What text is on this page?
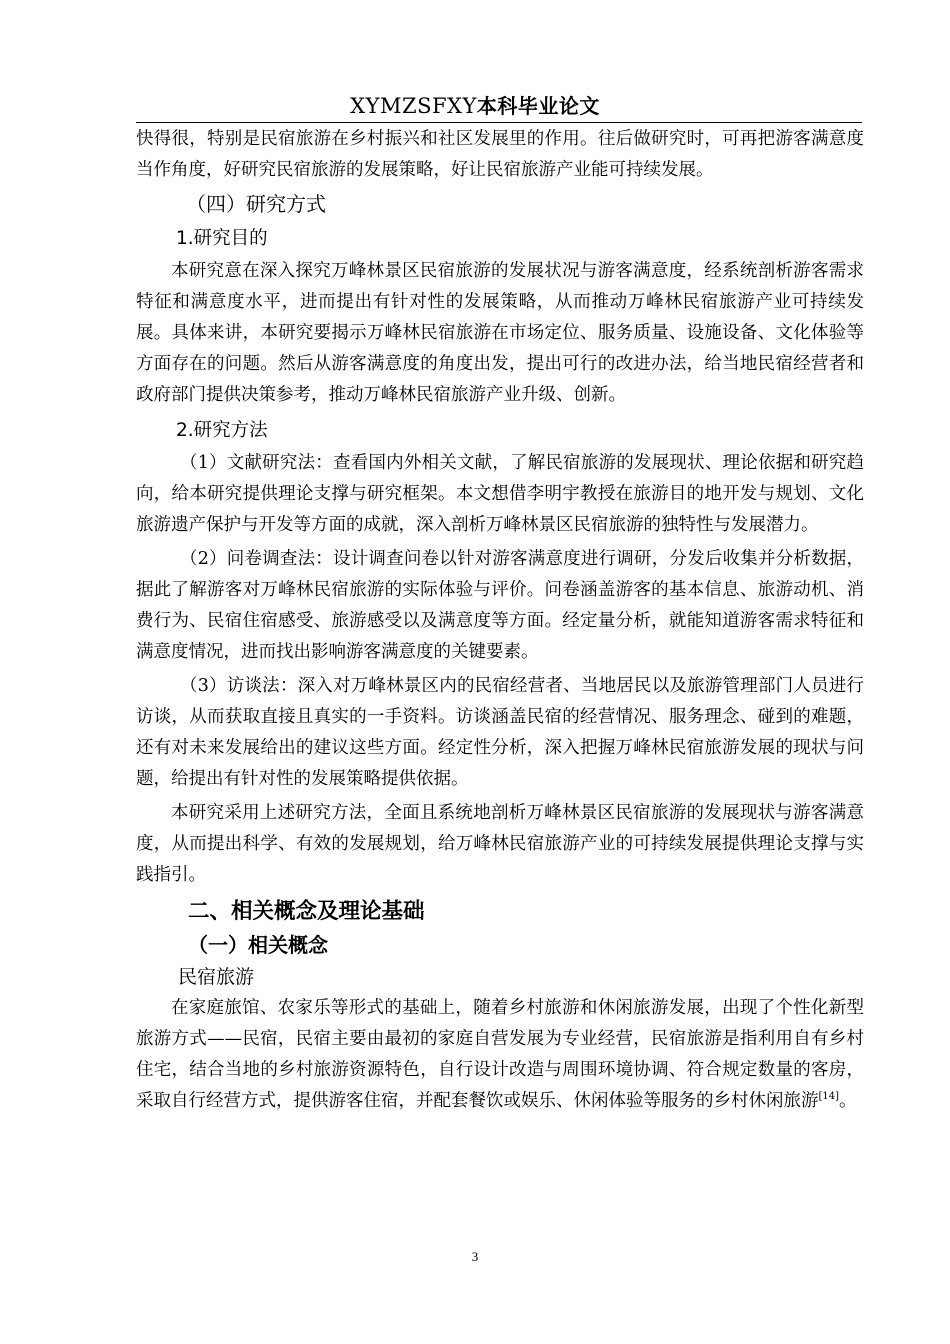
XYMZSFXY本科毕业论文

快得很，特别是民宿旅游在乡村振兴和社区发展里的作用。往后做研究时，可再把游客满意度当作角度，好研究民宿旅游的发展策略，好让民宿旅游产业能可持续发展。

（四）研究方式
1.研究目的

本研究意在深入探究万峰林景区民宿旅游的发展状况与游客满意度，经系统剖析游客需求特征和满意度水平，进而提出有针对性的发展策略，从而推动万峰林民宿旅游产业可持续发展。具体来讲，本研究要揭示万峰林民宿旅游在市场定位、服务质量、设施设备、文化体验等方面存在的问题。然后从游客满意度的角度出发，提出可行的改进办法，给当地民宿经营者和政府部门提供决策参考，推动万峰林民宿旅游产业升级、创新。

2.研究方法

（1）文献研究法：查看国内外相关文献，了解民宿旅游的发展现状、理论依据和研究趋向，给本研究提供理论支撑与研究框架。本文想借李明宇教授在旅游目的地开发与规划、文化旅游遗产保护与开发等方面的成就，深入剖析万峰林景区民宿旅游的独特性与发展潜力。

（2）问卷调查法：设计调查问卷以针对游客满意度进行调研，分发后收集并分析数据，据此了解游客对万峰林民宿旅游的实际体验与评价。问卷涵盖游客的基本信息、旅游动机、消费行为、民宿住宿感受、旅游感受以及满意度等方面。经定量分析，就能知道游客需求特征和满意度情况，进而找出影响游客满意度的关键要素。

（3）访谈法：深入对万峰林景区内的民宿经营者、当地居民以及旅游管理部门人员进行访谈，从而获取直接且真实的一手资料。访谈涵盖民宿的经营情况、服务理念、碰到的难题，还有对未来发展给出的建议这些方面。经定性分析，深入把握万峰林民宿旅游发展的现状与问题，给提出有针对性的发展策略提供依据。

本研究采用上述研究方法，全面且系统地剖析万峰林景区民宿旅游的发展现状与游客满意度，从而提出科学、有效的发展规划，给万峰林民宿旅游产业的可持续发展提供理论支撑与实践指引。

二、相关概念及理论基础
（一）相关概念
民宿旅游

在家庭旅馆、农家乐等形式的基础上，随着乡村旅游和休闲旅游发展，出现了个性化新型旅游方式——民宿，民宿主要由最初的家庭自营发展为专业经营，民宿旅游是指利用自有乡村住宅，结合当地的乡村旅游资源特色，自行设计改造与周围环境协调、符合规定数量的客房，采取自行经营方式，提供游客住宿，并配套餐饮或娱乐、休闲体验等服务的乡村休闲旅游[14]。

3
